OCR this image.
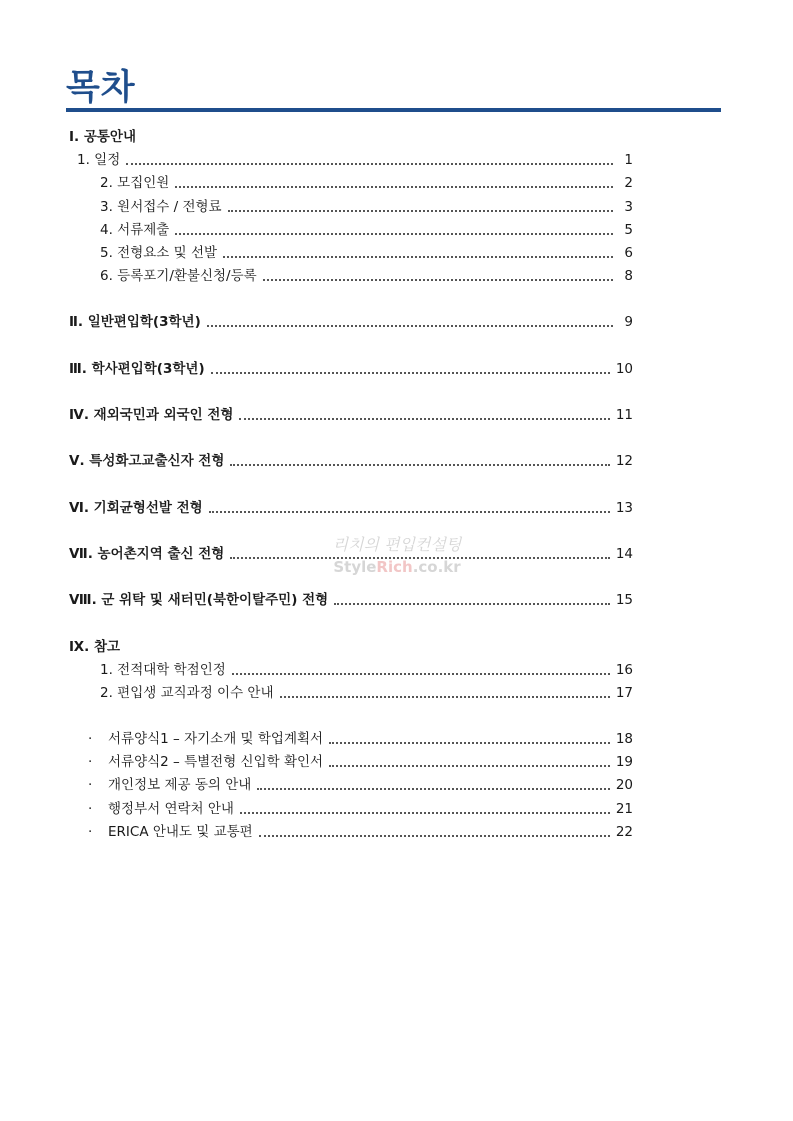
목차
Ⅰ. 공통안내
1. 일정	1
2. 모집인원	2
3. 원서접수 / 전형료	3
4. 서류제출	5
5. 전형요소 및 선발	6
6. 등록포기/환불신청/등록	8
Ⅱ. 일반편입학(3학년)	9
Ⅲ. 학사편입학(3학년)	10
Ⅳ. 재외국민과 외국인 전형	11
Ⅴ. 특성화고교출신자 전형	12
Ⅵ. 기회균형선발 전형	13
Ⅶ. 농어촌지역 출신 전형	14
Ⅷ. 군 위탁 및 새터민(북한이탈주민) 전형	15
Ⅸ. 참고
1. 전적대학 학점인정	16
2. 편입생 교직과정 이수 안내	17
·	서류양식1 – 자기소개 및 학업계획서	18
·	서류양식2 – 특별전형 신입학 확인서	19
·	개인정보 제공 동의 안내	20
·	행정부서 연락처 안내	21
·	ERICA 안내도 및 교통편	22
리치의 편입컨설팅
StyleRich.co.kr
